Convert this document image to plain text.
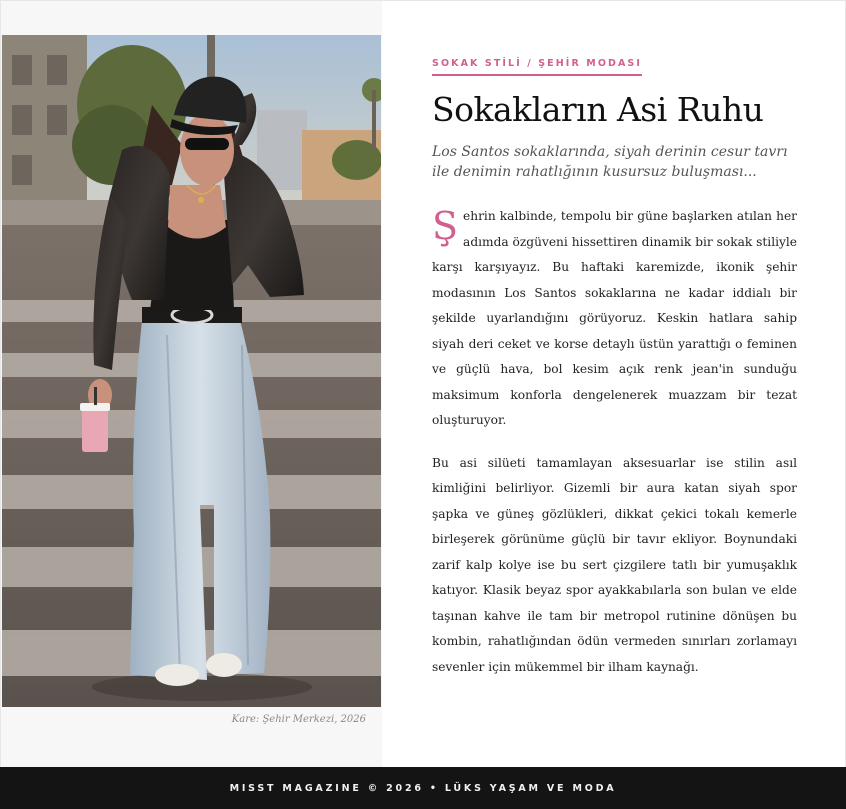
Kare: Şehir Merkezi, 2026
SOKAK STİLİ / ŞEHİR MODASI
Sokakların Asi Ruhu

Los Santos sokaklarında, siyah derinin cesur tavrı ile denimin rahatlığının kusursuz buluşması...

Şehrin kalbinde, tempolu bir güne başlarken atılan her adımda özgüveni hissettiren dinamik bir sokak stiliyle karşı karşıyayız. Bu haftaki karemizde, ikonik şehir modasının Los Santos sokaklarına ne kadar iddialı bir şekilde uyarlandığını görüyoruz. Keskin hatlara sahip siyah deri ceket ve korse detaylı üstün yarattığı o feminen ve güçlü hava, bol kesim açık renk jean'in sunduğu maksimum konforla dengelenerek muazzam bir tezat oluşturuyor.

Bu asi silüeti tamamlayan aksesuarlar ise stilin asıl kimliğini belirliyor. Gizemli bir aura katan siyah spor şapka ve güneş gözlükleri, dikkat çekici tokalı kemerle birleşerek görünüme güçlü bir tavır ekliyor. Boynundaki zarif kalp kolye ise bu sert çizgilere tatlı bir yumuşaklık katıyor. Klasik beyaz spor ayakkabılarla son bulan ve elde taşınan kahve ile tam bir metropol rutinine dönüşen bu kombin, rahatlığından ödün vermeden sınırları zorlamayı sevenler için mükemmel bir ilham kaynağı.

MISST MAGAZINE © 2026 • LÜKS YAŞAM VE MODA
